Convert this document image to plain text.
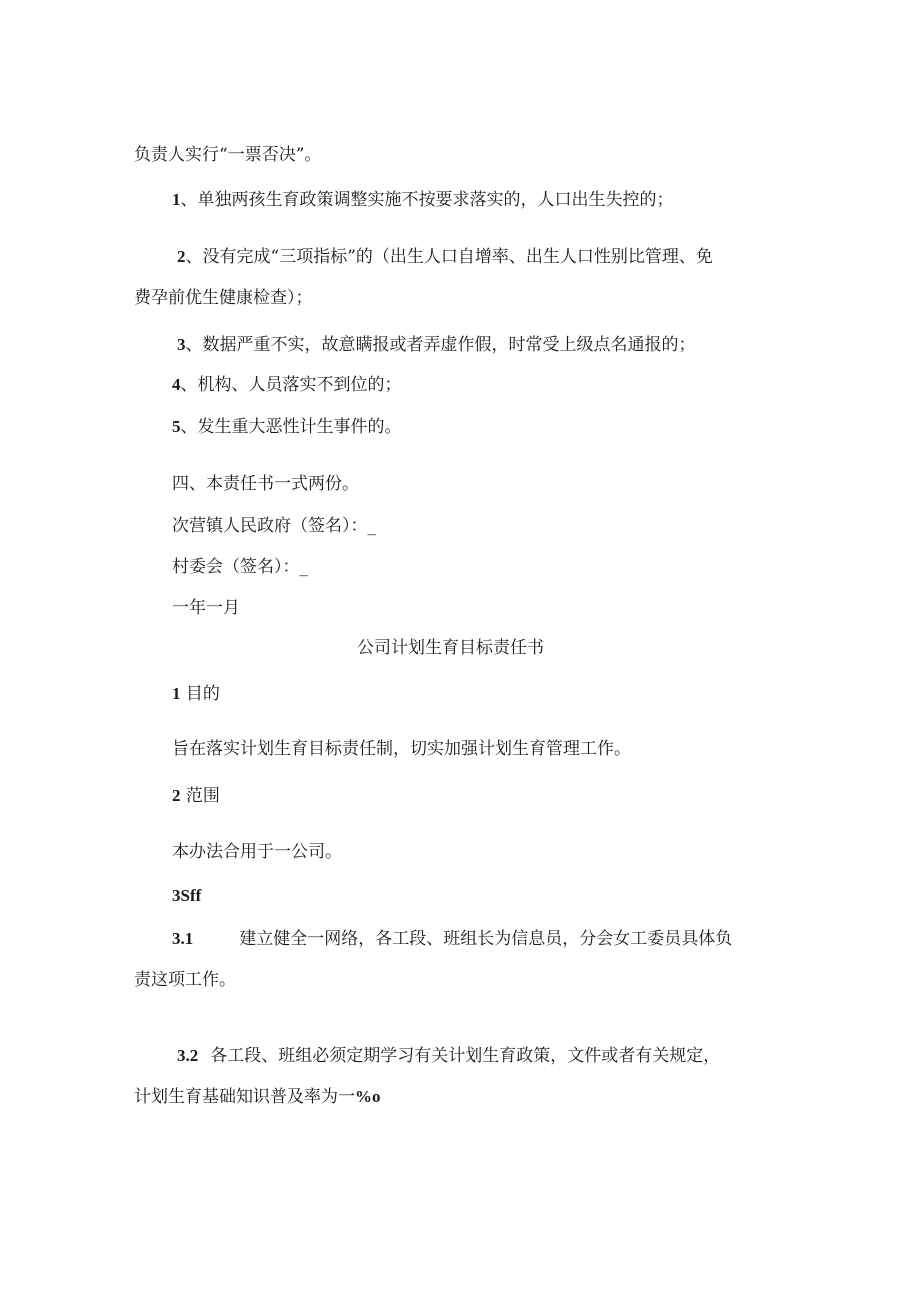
负责人实行“一票否决”。
1、单独两孩生育政策调整实施不按要求落实的，人口出生失控的；
2、没有完成“三项指标”的（出生人口自增率、出生人口性别比管理、免
费孕前优生健康检查）；
3、数据严重不实，故意瞒报或者弄虚作假，时常受上级点名通报的；
4、机构、人员落实不到位的；
5、发生重大恶性计生事件的。
四、本责任书一式两份。
次营镇人民政府（签名）：_
村委会（签名）：_
一年一月
公司计划生育目标责任书
1 目的
旨在落实计划生育目标责任制，切实加强计划生育管理工作。
2 范围
本办法合用于一公司。
3Sff
3.1	建立健全一网络，各工段、班组长为信息员，分会女工委员具体负
责这项工作。
3.2 各工段、班组必须定期学习有关计划生育政策，文件或者有关规定，
计划生育基础知识普及率为一%o
